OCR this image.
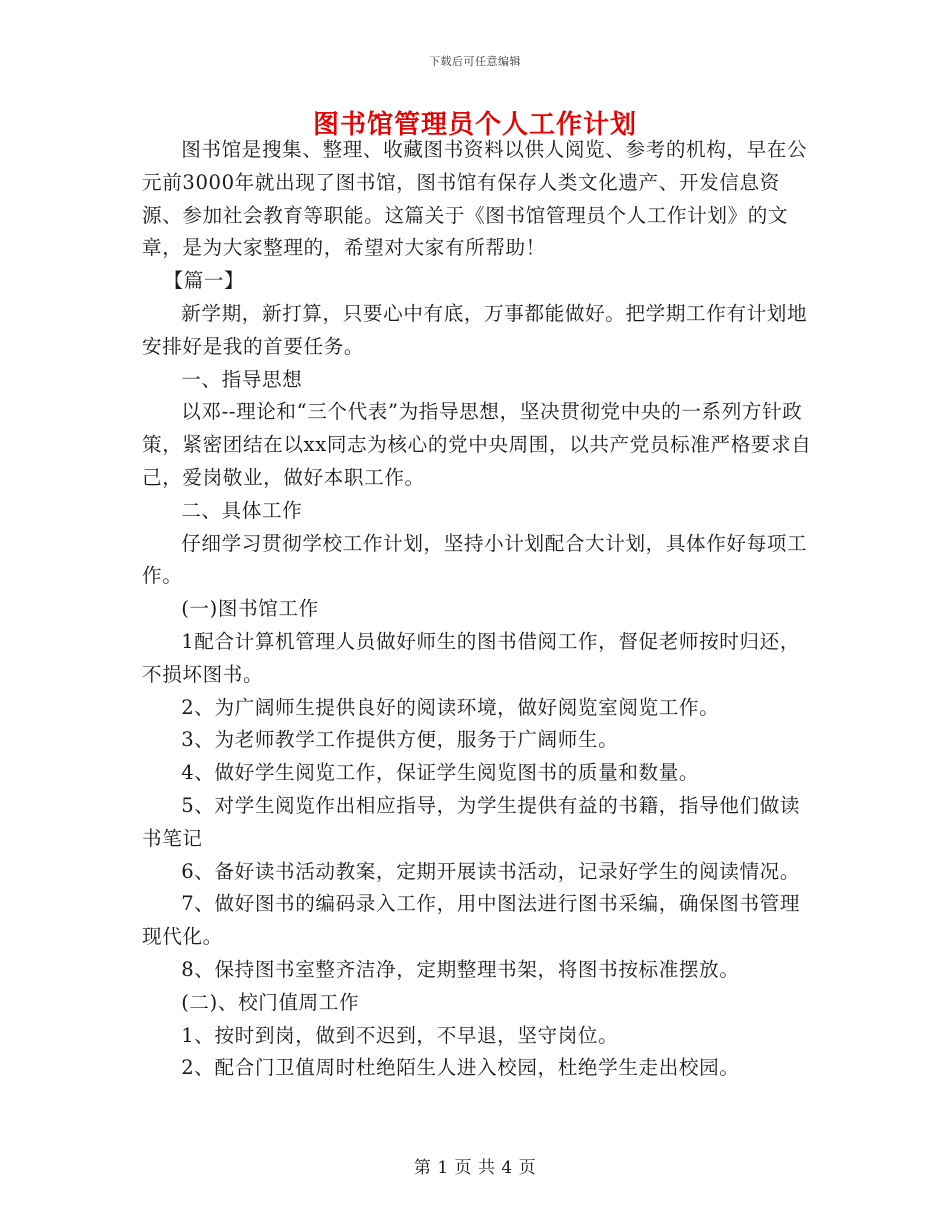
下载后可任意编辑
图书馆管理员个人工作计划

图书馆是搜集、整理、收藏图书资料以供人阅览、参考的机构，早在公元前3000年就出现了图书馆，图书馆有保存人类文化遗产、开发信息资源、参加社会教育等职能。这篇关于《图书馆管理员个人工作计划》的文章，是为大家整理的，希望对大家有所帮助！

【篇一】

新学期，新打算，只要心中有底，万事都能做好。把学期工作有计划地安排好是我的首要任务。

一、指导思想

以邓--理论和“三个代表”为指导思想，坚决贯彻党中央的一系列方针政策，紧密团结在以xx同志为核心的党中央周围，以共产党员标准严格要求自己，爱岗敬业，做好本职工作。

二、具体工作

仔细学习贯彻学校工作计划，坚持小计划配合大计划，具体作好每项工作。

(一)图书馆工作

1配合计算机管理人员做好师生的图书借阅工作，督促老师按时归还，不损坏图书。

2、为广阔师生提供良好的阅读环境，做好阅览室阅览工作。

3、为老师教学工作提供方便，服务于广阔师生。

4、做好学生阅览工作，保证学生阅览图书的质量和数量。

5、对学生阅览作出相应指导，为学生提供有益的书籍，指导他们做读书笔记

6、备好读书活动教案，定期开展读书活动，记录好学生的阅读情况。

7、做好图书的编码录入工作，用中图法进行图书采编，确保图书管理现代化。

8、保持图书室整齐洁净，定期整理书架，将图书按标准摆放。

(二)、校门值周工作

1、按时到岗，做到不迟到，不早退，坚守岗位。

2、配合门卫值周时杜绝陌生人进入校园，杜绝学生走出校园。

第 1 页 共 4 页
